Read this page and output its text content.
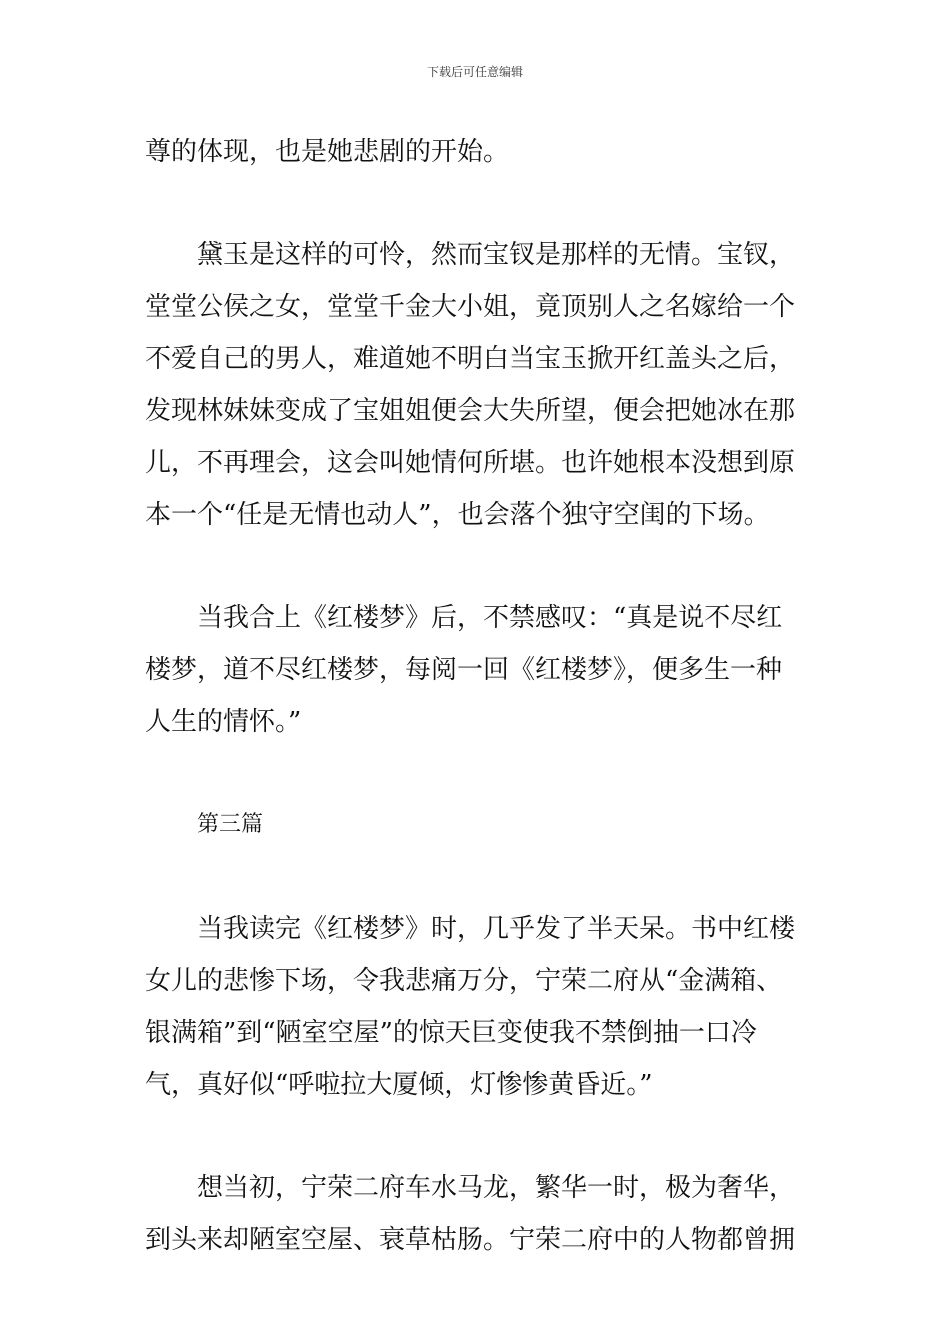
下载后可任意编辑
尊的体现，也是她悲剧的开始。
黛玉是这样的可怜，然而宝钗是那样的无情。宝钗，
堂堂公侯之女，堂堂千金大小姐，竟顶别人之名嫁给一个
不爱自己的男人，难道她不明白当宝玉掀开红盖头之后，
发现林妹妹变成了宝姐姐便会大失所望，便会把她冰在那
儿，不再理会，这会叫她情何所堪。也许她根本没想到原
本一个“任是无情也动人”，也会落个独守空闺的下场。
当我合上《红楼梦》后，不禁感叹：“真是说不尽红
楼梦，道不尽红楼梦，每阅一回《红楼梦》，便多生一种
人生的情怀。”
第三篇
当我读完《红楼梦》时，几乎发了半天呆。书中红楼
女儿的悲惨下场，令我悲痛万分，宁荣二府从“金满箱、
银满箱”到“陋室空屋”的惊天巨变使我不禁倒抽一口冷
气，真好似“呼啦拉大厦倾，灯惨惨黄昏近。”
想当初，宁荣二府车水马龙，繁华一时，极为奢华，
到头来却陋室空屋、衰草枯肠。宁荣二府中的人物都曾拥
